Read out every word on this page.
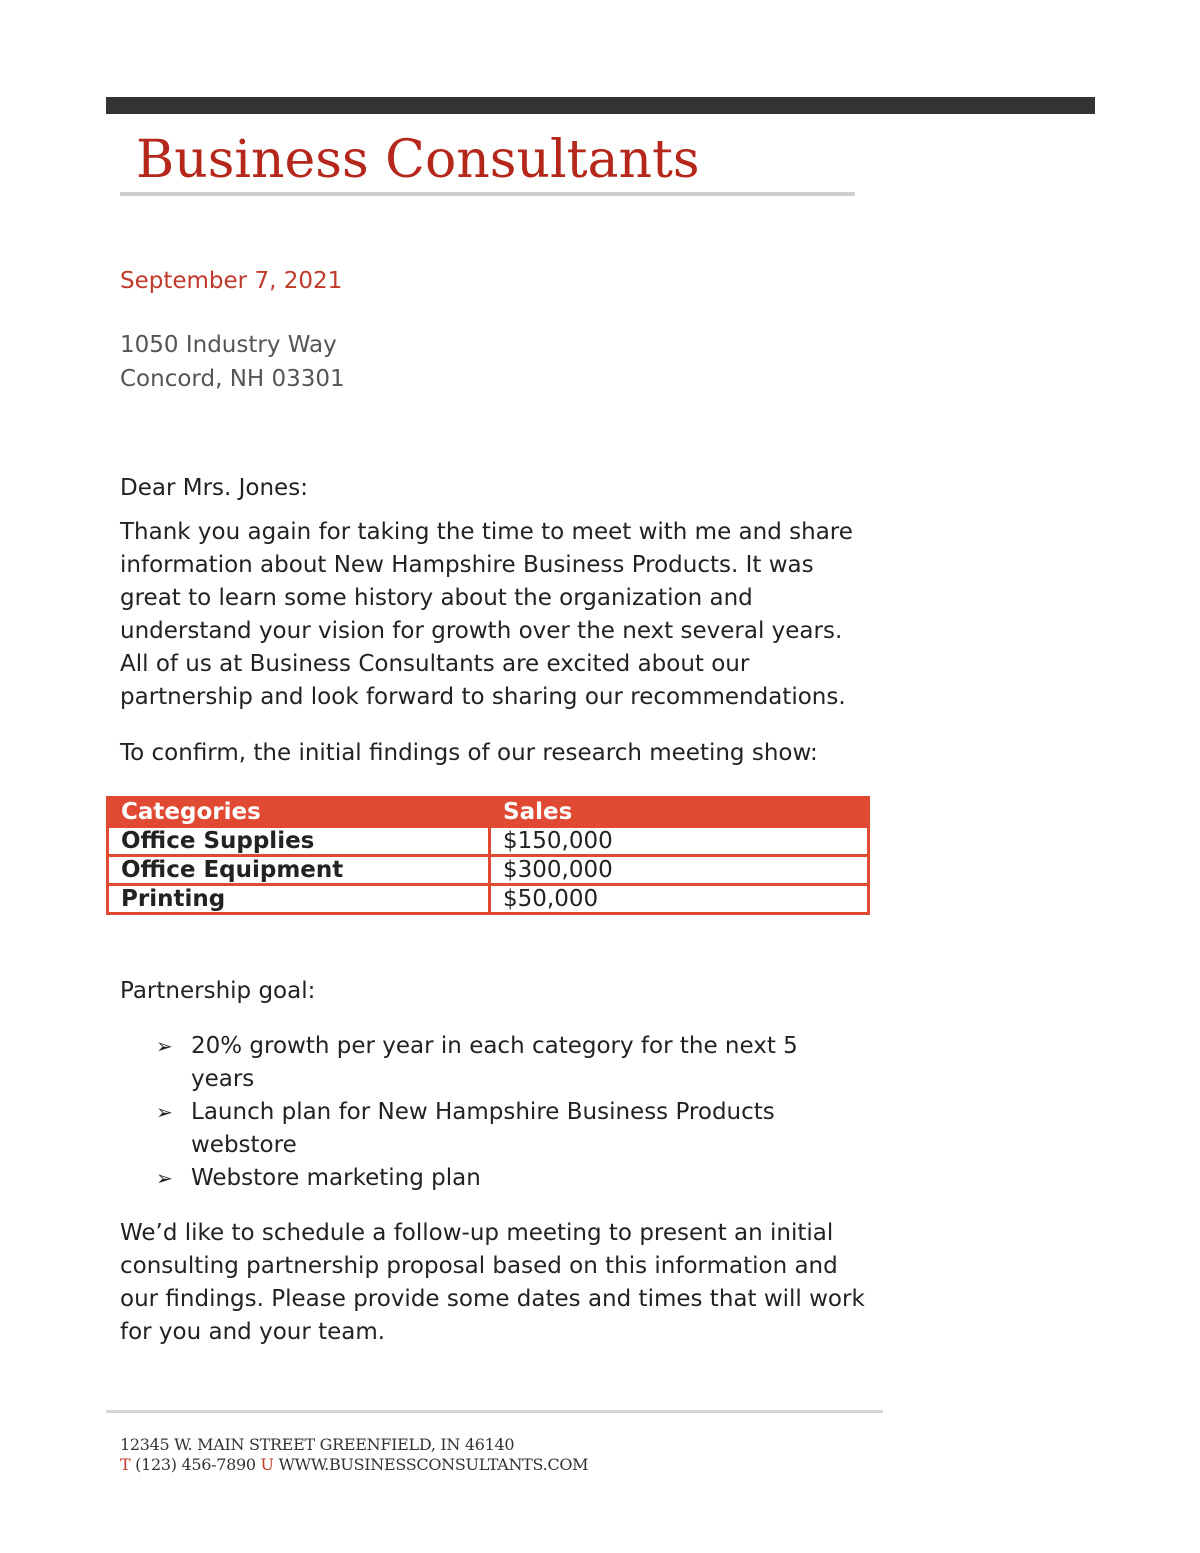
Business Consultants
September 7, 2021
1050 Industry Way
Concord, NH 03301
Dear Mrs. Jones:
Thank you again for taking the time to meet with me and share
information about New Hampshire Business Products. It was
great to learn some history about the organization and
understand your vision for growth over the next several years.
All of us at Business Consultants are excited about our
partnership and look forward to sharing our recommendations.
To confirm, the initial findings of our research meeting show:
Categories	Sales
Office Supplies	$150,000
Office Equipment	$300,000
Printing	$50,000
Partnership goal:
➢ 20% growth per year in each category for the next 5
years
➢ Launch plan for New Hampshire Business Products
webstore
➢ Webstore marketing plan
We’d like to schedule a follow-up meeting to present an initial
consulting partnership proposal based on this information and
our findings. Please provide some dates and times that will work
for you and your team.
12345 W. MAIN STREET GREENFIELD, IN 46140
T (123) 456-7890 U WWW.BUSINESSCONSULTANTS.COM
